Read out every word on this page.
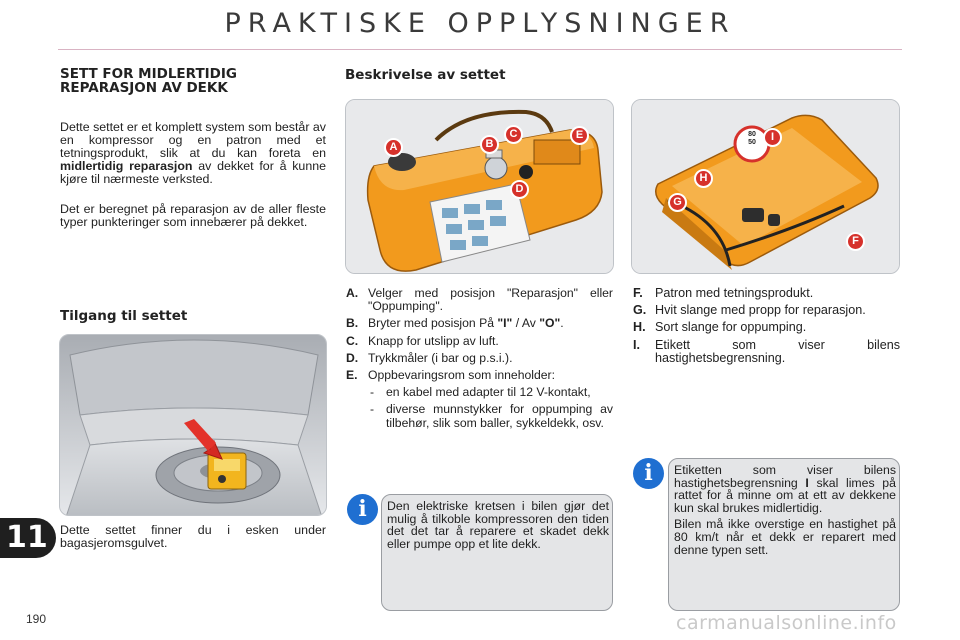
PRAKTISKE OPPLYSNINGER
11
190
SETT FOR MIDLERTIDIG
REPARASJON AV DEKK
Dette settet er et komplett system som består av en kompressor og en patron med et tetningsprodukt, slik at du kan foreta en midlertidig reparasjon av dekket for å kunne kjøre til nærmeste verksted.
Det er beregnet på reparasjon av de aller fleste typer punkteringer som innebærer på dekket.
Tilgang til settet
Dette settet finner du i esken under bagasjeromsgulvet.
Beskrivelse av settet
A	B
C
D
E	80
50	I
H
G
F
A. Velger med posisjon "Reparasjon" eller "Oppumping".
B. Bryter med posisjon På "I" / Av "O".
C. Knapp for utslipp av luft.
D. Trykkmåler (i bar og p.s.i.).
E. Oppbevaringsrom som inneholder:
- en kabel med adapter til 12 V-kontakt,
- diverse munnstykker for oppumping av tilbehør, slik som baller, sykkeldekk, osv.
F. Patron med tetningsprodukt.
G. Hvit slange med propp for reparasjon.
H. Sort slange for oppumping.
I. Etikett som viser bilens hastighetsbegrensning.
Den elektriske kretsen i bilen gjør det mulig å tilkoble kompressoren den tiden det det tar å reparere et skadet dekk eller pumpe opp et lite dekk.
i
Etiketten som viser bilens hastighetsbegrensning I skal limes på rattet for å minne om at ett av dekkene kun skal brukes midlertidig.
Bilen må ikke overstige en hastighet på 80 km/t når et dekk er reparert med denne typen sett.
i
carmanualsonline.info
